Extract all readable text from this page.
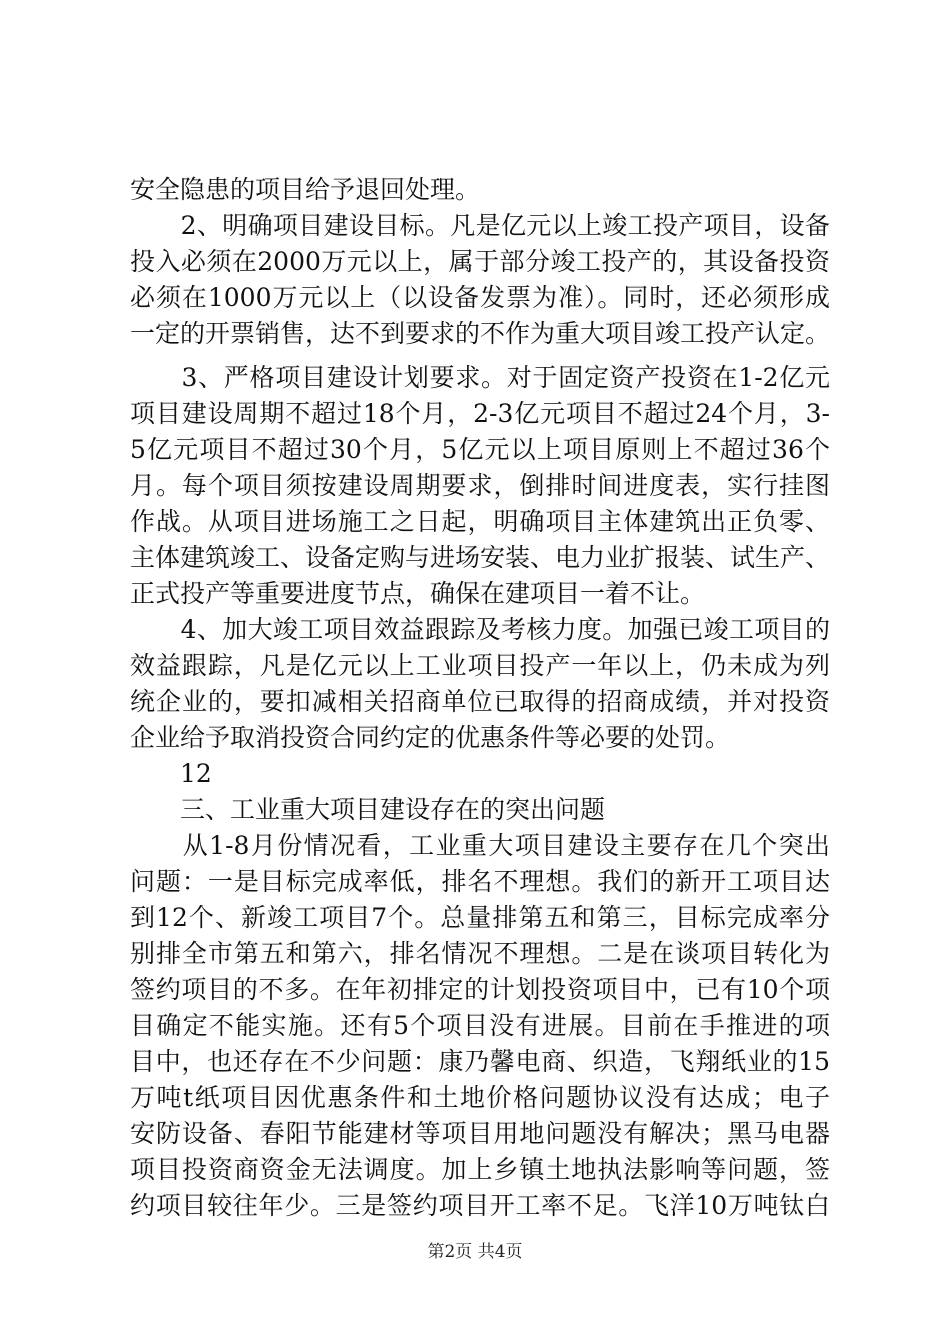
安全隐患的项目给予退回处理。
　　2、明确项目建设目标。凡是亿元以上竣工投产项目，设备
投入必须在2000万元以上，属于部分竣工投产的，其设备投资
必须在1000万元以上（以设备发票为准）。同时，还必须形成
一定的开票销售，达不到要求的不作为重大项目竣工投产认定。
　　3、严格项目建设计划要求。对于固定资产投资在1-2亿元
项目建设周期不超过18个月，2-3亿元项目不超过24个月，3-
5亿元项目不超过30个月，5亿元以上项目原则上不超过36个
月。每个项目须按建设周期要求，倒排时间进度表，实行挂图
作战。从项目进场施工之日起，明确项目主体建筑出正负零、
主体建筑竣工、设备定购与进场安装、电力业扩报装、试生产、
正式投产等重要进度节点，确保在建项目一着不让。
　　4、加大竣工项目效益跟踪及考核力度。加强已竣工项目的
效益跟踪，凡是亿元以上工业项目投产一年以上，仍未成为列
统企业的，要扣减相关招商单位已取得的招商成绩，并对投资
企业给予取消投资合同约定的优惠条件等必要的处罚。
　　12
　　三、工业重大项目建设存在的突出问题
　　从1-8月份情况看，工业重大项目建设主要存在几个突出
问题：一是目标完成率低，排名不理想。我们的新开工项目达
到12个、新竣工项目7个。总量排第五和第三，目标完成率分
别排全市第五和第六，排名情况不理想。二是在谈项目转化为
签约项目的不多。在年初排定的计划投资项目中，已有10个项
目确定不能实施。还有5个项目没有进展。目前在手推进的项
目中，也还存在不少问题：康乃馨电商、织造，飞翔纸业的15
万吨t纸项目因优惠条件和土地价格问题协议没有达成；电子
安防设备、春阳节能建材等项目用地问题没有解决；黑马电器
项目投资商资金无法调度。加上乡镇土地执法影响等问题，签
约项目较往年少。三是签约项目开工率不足。飞洋10万吨钛白
第2页 共4页
